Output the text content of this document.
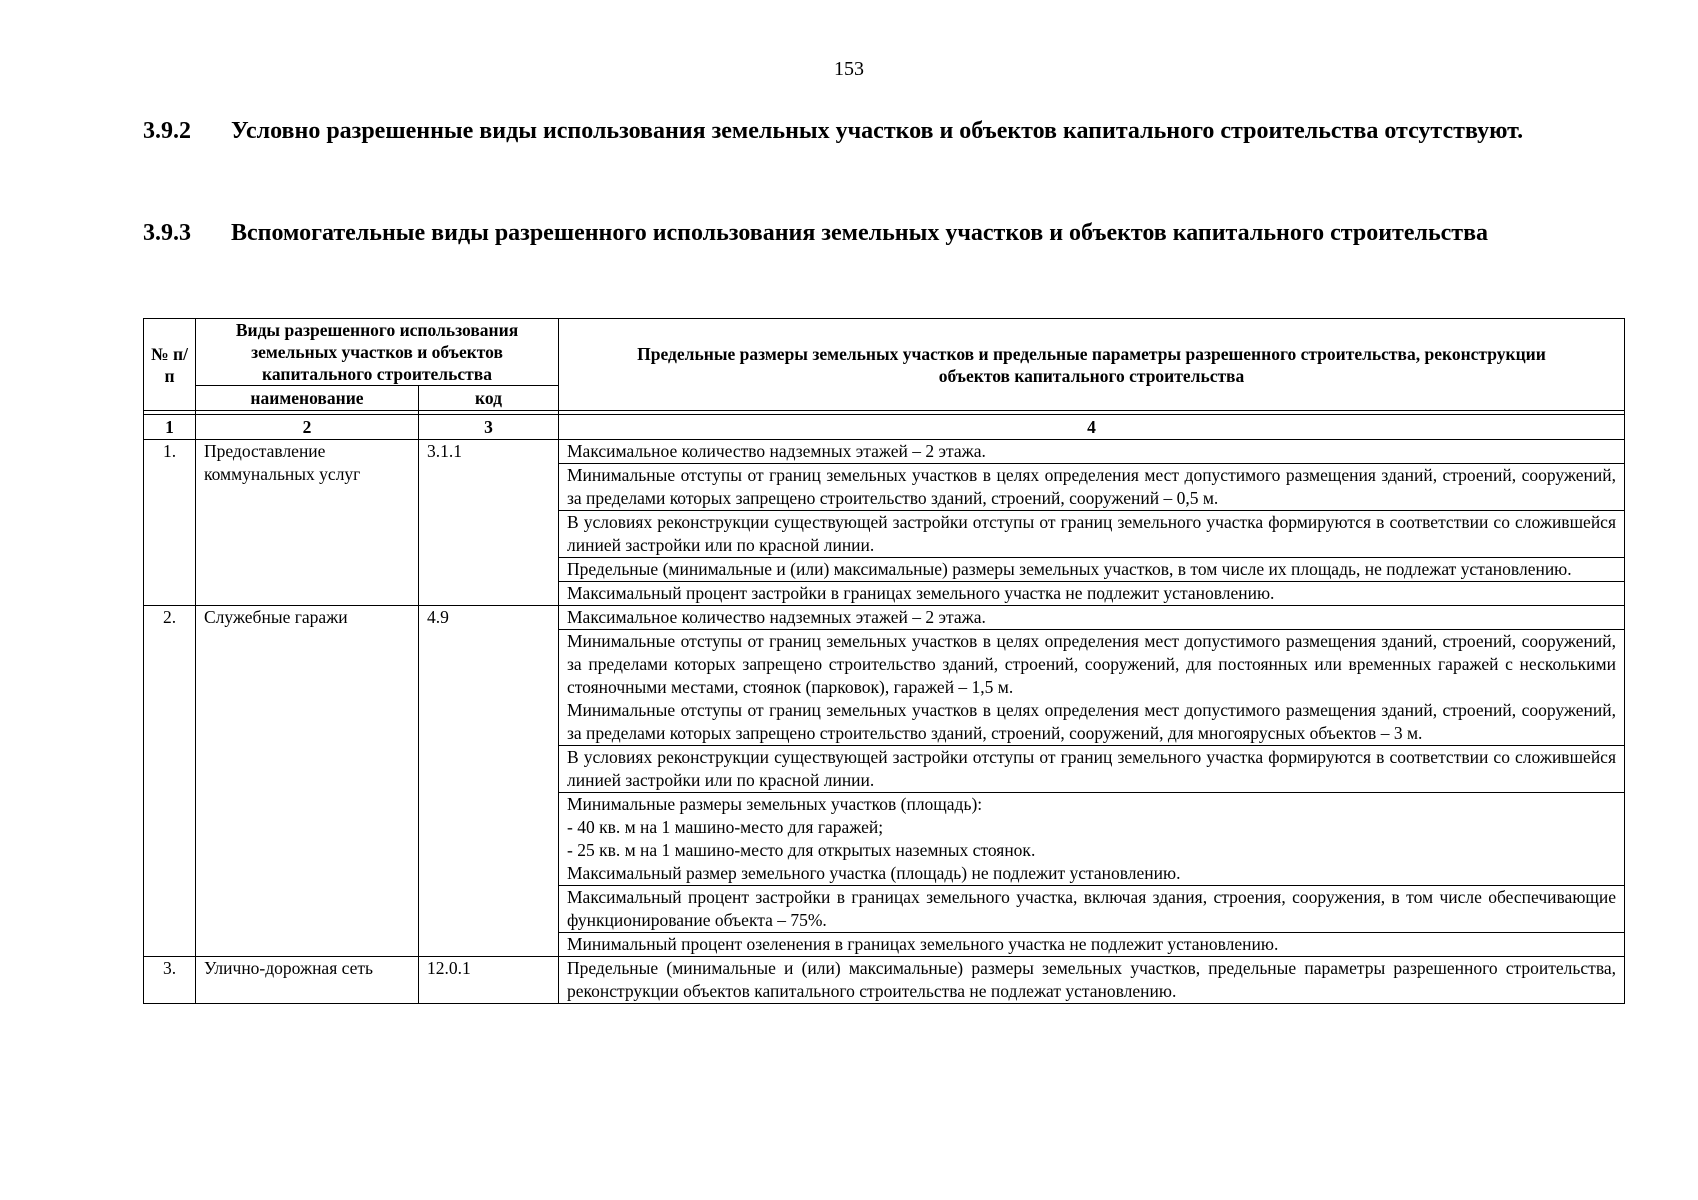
153
3.9.2 Условно разрешенные виды использования земельных участков и объектов капитального строительства отсутствуют.
3.9.3 Вспомогательные виды разрешенного использования земельных участков и объектов капитального строительства
№ п/п	Виды разрешенного использования земельных участков и объектов капитального строительства		Предельные размеры земельных участков и предельные параметры разрешенного строительства, реконструкции объектов капитального строительства
	наименование	код	

1	2	3	4
1.	Предоставление коммунальных услуг	3.1.1	Максимальное количество надземных этажей – 2 этажа.
			Минимальные отступы от границ земельных участков в целях определения мест допустимого размещения зданий, строений, сооружений, за пределами которых запрещено строительство зданий, строений, сооружений – 0,5 м.
			В условиях реконструкции существующей застройки отступы от границ земельного участка формируются в соответствии со сложившейся линией застройки или по красной линии.
			Предельные (минимальные и (или) максимальные) размеры земельных участков, в том числе их площадь, не подлежат установлению.
			Максимальный процент застройки в границах земельного участка не подлежит установлению.
2.	Служебные гаражи	4.9	Максимальное количество надземных этажей – 2 этажа.

			Минимальные отступы от границ земельных участков в целях определения мест допустимого размещения зданий, строений, сооружений, за пределами которых запрещено строительство зданий, строений, сооружений, для постоянных или временных гаражей с несколькими стояночными местами, стоянок (парковок), гаражей – 1,5 м.
Минимальные отступы от границ земельных участков в целях определения мест допустимого размещения зданий, строений, сооружений, за пределами которых запрещено строительство зданий, строений, сооружений, для многоярусных объектов – 3 м.

			В условиях реконструкции существующей застройки отступы от границ земельного участка формируются в соответствии со сложившейся линией застройки или по красной линии.

			Минимальные размеры земельных участков (площадь):
- 40 кв. м на 1 машино-место для гаражей;
- 25 кв. м на 1 машино-место для открытых наземных стоянок.
Максимальный размер земельного участка (площадь) не подлежит установлению.

			Максимальный процент застройки в границах земельного участка, включая здания, строения, сооружения, в том числе обеспечивающие функционирование объекта – 75%.
			Минимальный процент озеленения в границах земельного участка не подлежит установлению.
3.	Улично-дорожная сеть	12.0.1	Предельные (минимальные и (или) максимальные) размеры земельных участков, предельные параметры разрешенного строительства, реконструкции объектов капитального строительства не подлежат установлению.
